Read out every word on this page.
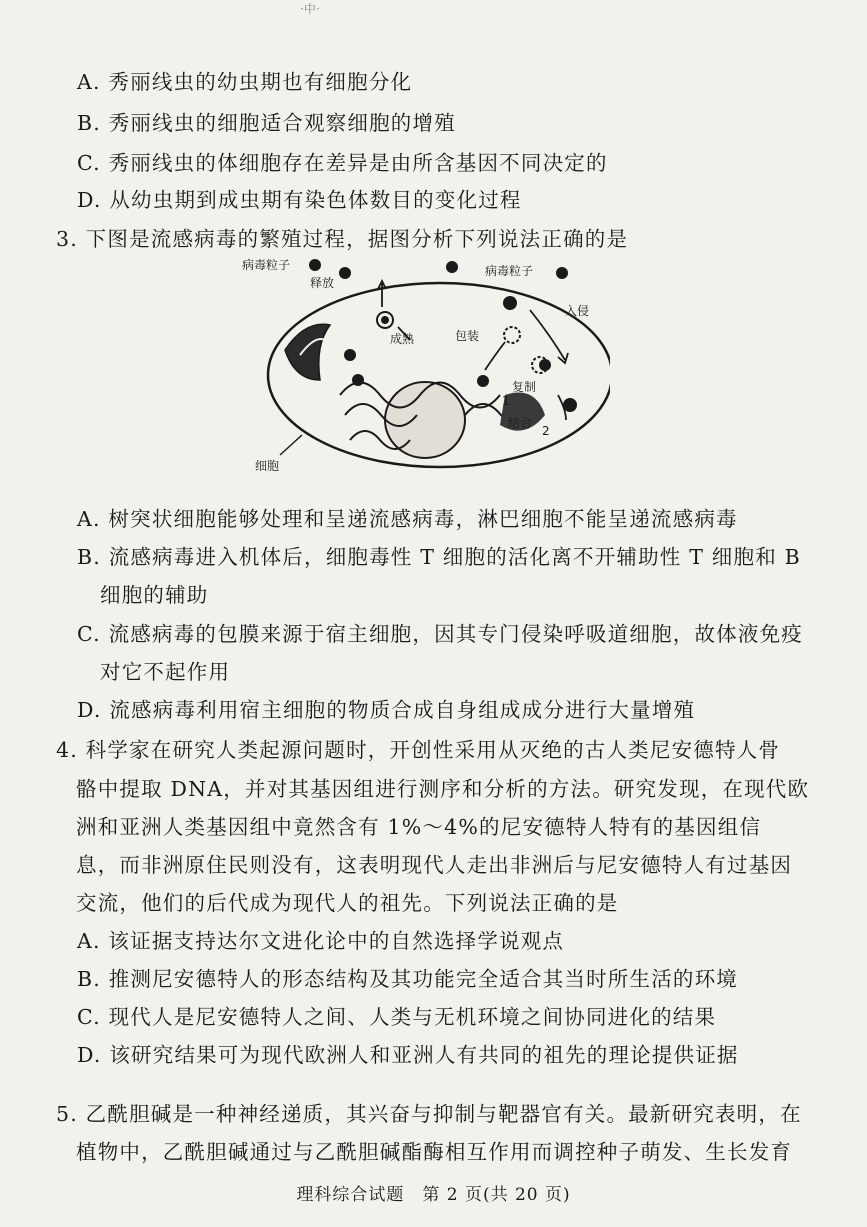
·中·
A. 秀丽线虫的幼虫期也有细胞分化
B. 秀丽线虫的细胞适合观察细胞的增殖
C. 秀丽线虫的体细胞存在差异是由所含基因不同决定的
D. 从幼虫期到成虫期有染色体数目的变化过程
3. 下图是流感病毒的繁殖过程，据图分析下列说法正确的是
病毒粒子
释放
病毒粒子
入侵
成熟	包装
复制
结合
1
2
细胞
A. 树突状细胞能够处理和呈递流感病毒，淋巴细胞不能呈递流感病毒
B. 流感病毒进入机体后，细胞毒性 T 细胞的活化离不开辅助性 T 细胞和 B
细胞的辅助
C. 流感病毒的包膜来源于宿主细胞，因其专门侵染呼吸道细胞，故体液免疫
对它不起作用
D. 流感病毒利用宿主细胞的物质合成自身组成成分进行大量增殖
4. 科学家在研究人类起源问题时，开创性采用从灭绝的古人类尼安德特人骨
骼中提取 DNA，并对其基因组进行测序和分析的方法。研究发现，在现代欧
洲和亚洲人类基因组中竟然含有 1%～4%的尼安德特人特有的基因组信
息，而非洲原住民则没有，这表明现代人走出非洲后与尼安德特人有过基因
交流，他们的后代成为现代人的祖先。下列说法正确的是
A. 该证据支持达尔文进化论中的自然选择学说观点
B. 推测尼安德特人的形态结构及其功能完全适合其当时所生活的环境
C. 现代人是尼安德特人之间、人类与无机环境之间协同进化的结果
D. 该研究结果可为现代欧洲人和亚洲人有共同的祖先的理论提供证据
5. 乙酰胆碱是一种神经递质，其兴奋与抑制与靶器官有关。最新研究表明，在
植物中，乙酰胆碱通过与乙酰胆碱酯酶相互作用而调控种子萌发、生长发育
理科综合试题　第 2 页(共 20 页)
